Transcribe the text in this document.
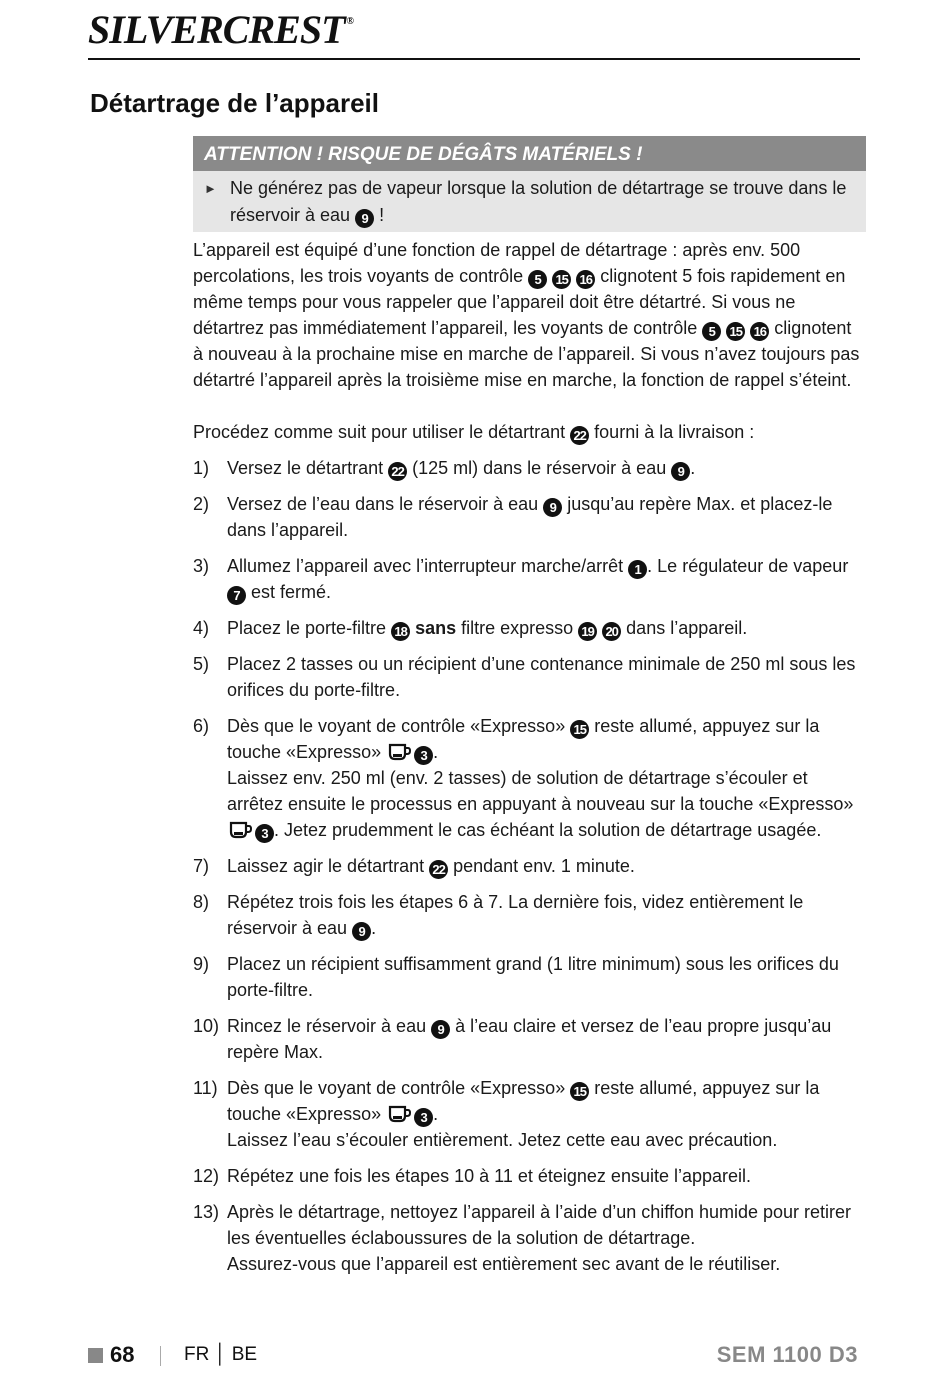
SILVERCREST ®
Détartrage de l’appareil
ATTENTION ! RISQUE DE DÉGÂTS MATÉRIELS !
► Ne générez pas de vapeur lorsque la solution de détartrage se trouve dans le réservoir à eau 9 !

L’appareil est équipé d’une fonction de rappel de détartrage : après env. 500 percolations, les trois voyants de contrôle 5 15 16 clignotent 5 fois rapidement en même temps pour vous rappeler que l’appareil doit être détartré. Si vous ne détartrez pas immédiatement l’appareil, les voyants de contrôle 5 15 16 clignotent à nouveau à la prochaine mise en marche de l’appareil. Si vous n’avez toujours pas détartré l’appareil après la troisième mise en marche, la fonction de rappel s’éteint.

Procédez comme suit pour utiliser le détartrant 22 fourni à la livraison :

1) Versez le détartrant 22 (125 ml) dans le réservoir à eau 9 .
2) Versez de l’eau dans le réservoir à eau 9 jusqu’au repère Max. et placez-le dans l’appareil.
3) Allumez l’appareil avec l’interrupteur marche/arrêt 1 . Le régulateur de vapeur 7 est fermé.
4) Placez le porte-filtre 18 sans filtre expresso 19 20 dans l’appareil.
5) Placez 2 tasses ou un récipient d’une contenance minimale de 250 ml sous les orifices du porte-filtre.
6) Dès que le voyant de contrôle «Expresso» 15 reste allumé, appuyez sur la touche «Expresso»	3 .
Laissez env. 250 ml (env. 2 tasses) de solution de détartrage s’écouler et arrêtez ensuite le processus en appuyant à nouveau sur la touche «Expresso» 3 . Jetez prudemment le cas échéant la solution de détartrage usagée.
7) Laissez agir le détartrant 22 pendant env. 1 minute.
8) Répétez trois fois les étapes 6 à 7. La dernière fois, videz entièrement le réservoir à eau 9 .
9) Placez un récipient suffisamment grand (1 litre minimum) sous les orifices du porte-filtre.
10) Rincez le réservoir à eau 9 à l’eau claire et versez de l’eau propre jusqu’au repère Max.
11) Dès que le voyant de contrôle «Expresso» 15 reste allumé, appuyez sur la touche «Expresso»	3 .
Laissez l’eau s’écouler entièrement. Jetez cette eau avec précaution.
12) Répétez une fois les étapes 10 à 11 et éteignez ensuite l’appareil.
13) Après le détartrage, nettoyez l’appareil à l’aide d’un chiffon humide pour retirer les éventuelles éclaboussures de la solution de détartrage.
Assurez-vous que l’appareil est entièrement sec avant de le réutiliser.
68	FR │ BE	SEM 1100 D3
